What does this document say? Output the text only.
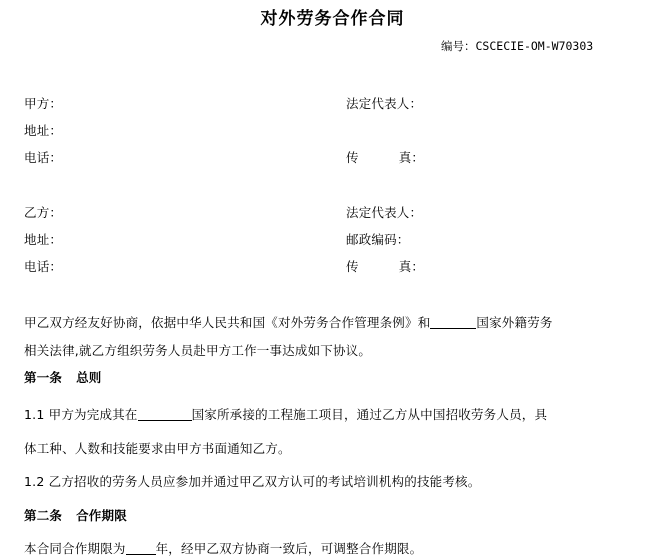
对外劳务合作合同
编号：CSCECIE-OM-W70303
甲方：	法定代表人：
地址：
电话：	传	真：
乙方：	法定代表人：
地址：	邮政编码：
电话：	传	真：
甲乙双方经友好协商，依据中华人民共和国《对外劳务合作管理条例》和	国家外籍劳务
相关法律,就乙方组织劳务人员赴甲方工作一事达成如下协议。
第一条 总则
1.1 甲方为完成其在	国家所承接的工程施工项目，通过乙方从中国招收劳务人员，具
体工种、人数和技能要求由甲方书面通知乙方。
1.2 乙方招收的劳务人员应参加并通过甲乙双方认可的考试培训机构的技能考核。
第二条 合作期限
本合同合作期限为 年，经甲乙双方协商一致后，可调整合作期限。
